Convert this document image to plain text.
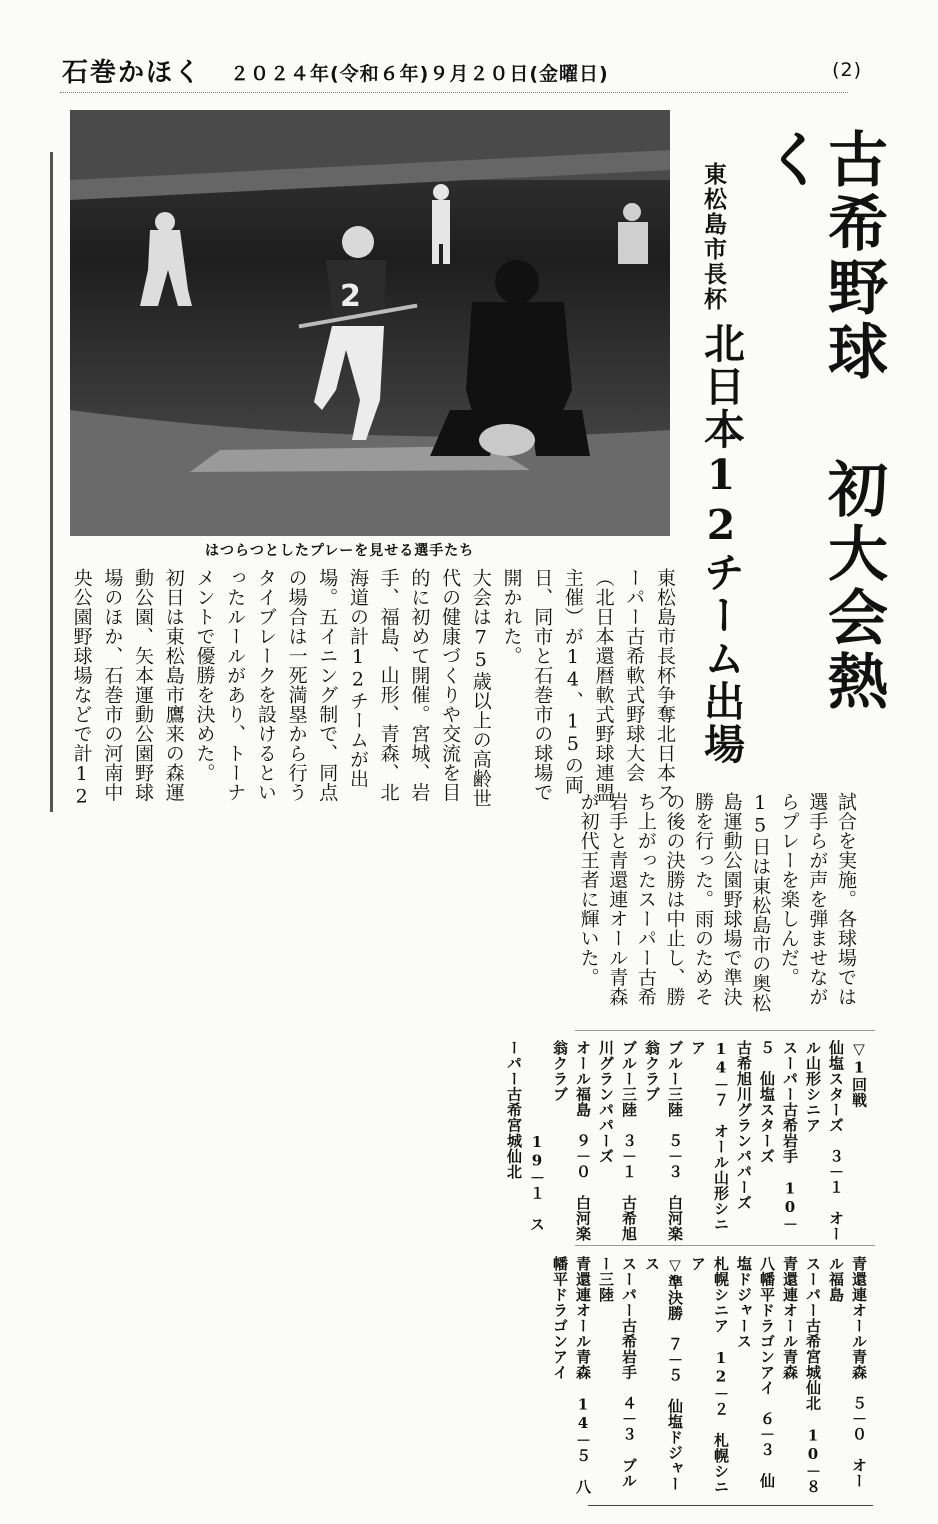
石巻かほく ２０２４年(令和６年)９月２０日(金曜日)	(2)
2
はつらつとしたプレーを見せる選手たち	古希野球 初大会熱く
東松島市長杯
北日本12チーム出場

東松島市長杯争奪北日本スーパー古希軟式野球大会（北日本還暦軟式野球連盟主催）が14、15の両日、同市と石巻市の球場で開かれた。

大会は75歳以上の高齢世代の健康づくりや交流を目的に初めて開催。宮城、岩手、福島、山形、青森、北海道の計12チームが出場。五イニング制で、同点の場合は一死満塁から行うタイブレークを設けるといったルールがあり、トーナメントで優勝を決めた。

初日は東松島市鷹来の森運動公園、矢本運動公園野球場のほか、石巻市の河南中央公園野球場などで計12

試合を実施。各球場では選手らが声を弾ませながらプレーを楽しんだ。

15日は東松島市の奥松島運動公園野球場で準決勝を行った。雨のためその後の決勝は中止し、勝ち上がったスーパー古希岩手と青還連オール青森が初代王者に輝いた。

▽1回戦

仙塩スターズ　３－１　オール山形シニア

スーパー古希岩手　10－５　仙塩スターズ

古希旭川グランパパーズ　14－７　オール山形シニア

ブルー三陸　５－３　白河楽翁クラブ

ブルー三陸　３－１　古希旭川グランパパーズ

オール福島　９－０　白河楽翁クラブ

　　　　　　19－１　スーパー古希宮城仙北

青還連オール青森　５－０　オール福島

スーパー古希宮城仙北　10－８　青還連オール青森

八幡平ドラゴンアイ　６－３　仙塩ドジャース

札幌シニア　12－２　札幌シニア

▽準決勝　７－５　仙塩ドジャース

スーパー古希岩手　４－３　ブルー三陸

青還連オール青森　14－５　八幡平ドラゴンアイ
